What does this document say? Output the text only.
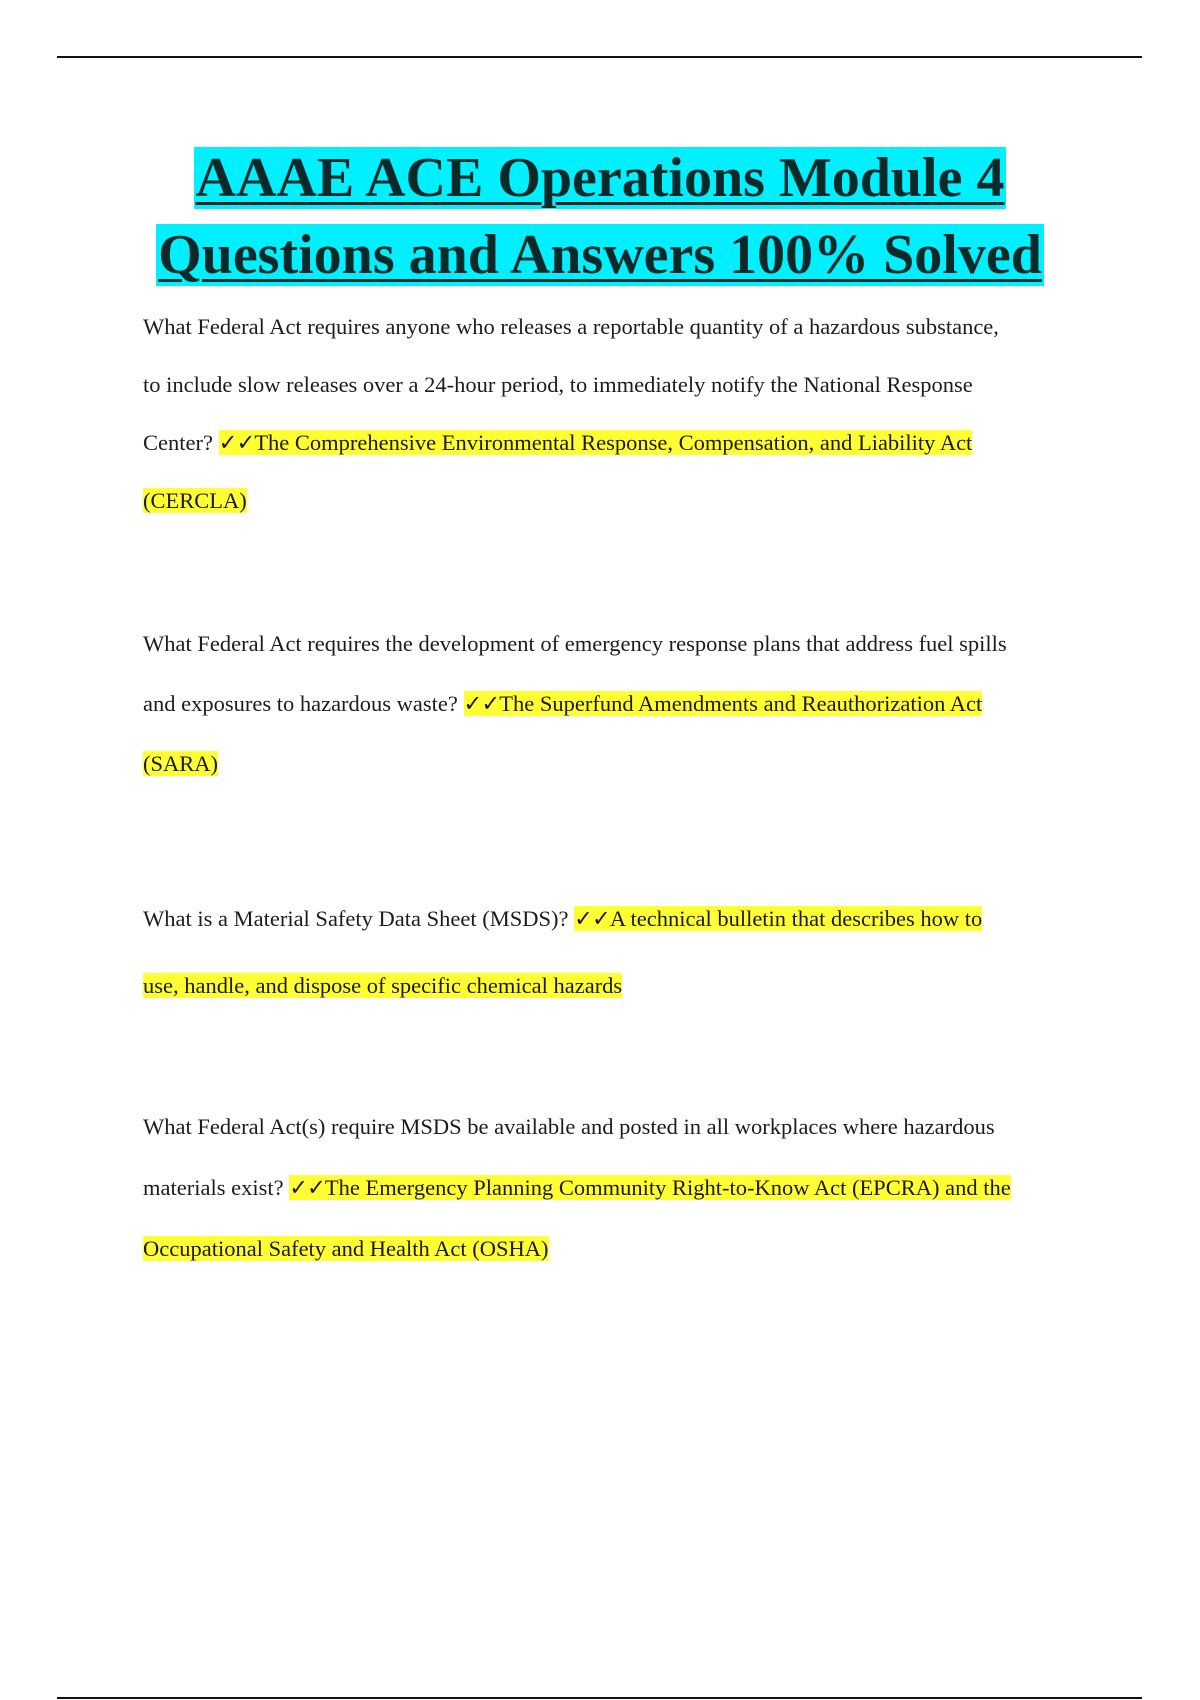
AAAE ACE Operations Module 4
Questions and Answers 100% Solved

What Federal Act requires anyone who releases a reportable quantity of a hazardous substance,
to include slow releases over a 24-hour period, to immediately notify the National Response
Center? ✓✓The Comprehensive Environmental Response, Compensation, and Liability Act
(CERCLA)

What Federal Act requires the development of emergency response plans that address fuel spills
and exposures to hazardous waste? ✓✓The Superfund Amendments and Reauthorization Act
(SARA)

What is a Material Safety Data Sheet (MSDS)? ✓✓A technical bulletin that describes how to
use, handle, and dispose of specific chemical hazards

What Federal Act(s) require MSDS be available and posted in all workplaces where hazardous
materials exist? ✓✓The Emergency Planning Community Right-to-Know Act (EPCRA) and the
Occupational Safety and Health Act (OSHA)
